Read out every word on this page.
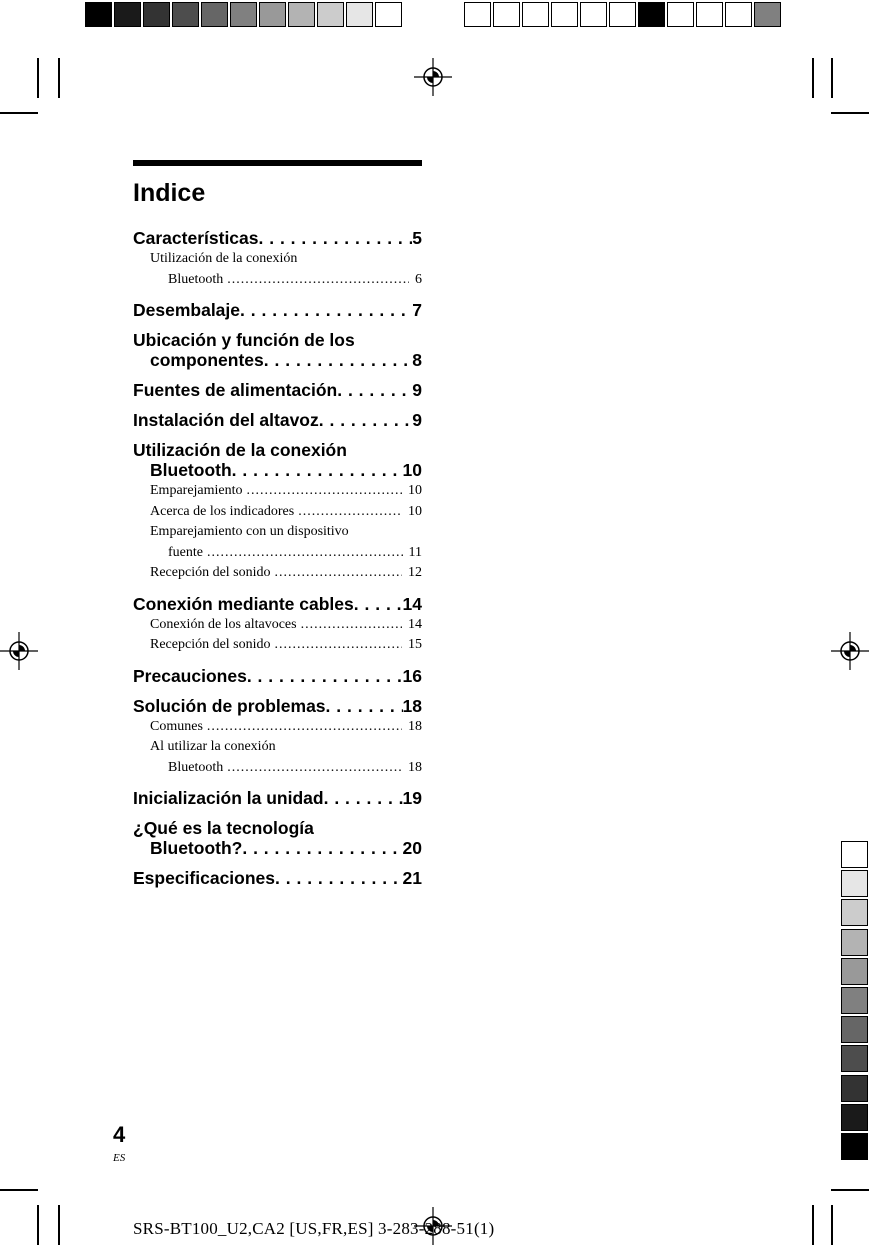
Indice
Características . . .	5
Utilización de la conexión
Bluetooth .....	6
Desembalaje . . .	7
Ubicación y función de los
componentes . . .	8
Fuentes de alimentación . . .	9
Instalación del altavoz . . .	9
Utilización de la conexión
Bluetooth . . .	10
Emparejamiento .....	10
Acerca de los indicadores .....	10
Emparejamiento con un dispositivo
fuente .....	11
Recepción del sonido .....	12
Conexión mediante cables . . .	14
Conexión de los altavoces .....	14
Recepción del sonido .....	15
Precauciones . . .	16
Solución de problemas . . .	18
Comunes .....	18
Al utilizar la conexión
Bluetooth .....	18
Inicialización la unidad . . .	19
¿Qué es la tecnología
Bluetooth? . . .	20
Especificaciones . . .	21
4
ES
SRS-BT100_U2,CA2 [US,FR,ES] 3-283-288-51(1)
